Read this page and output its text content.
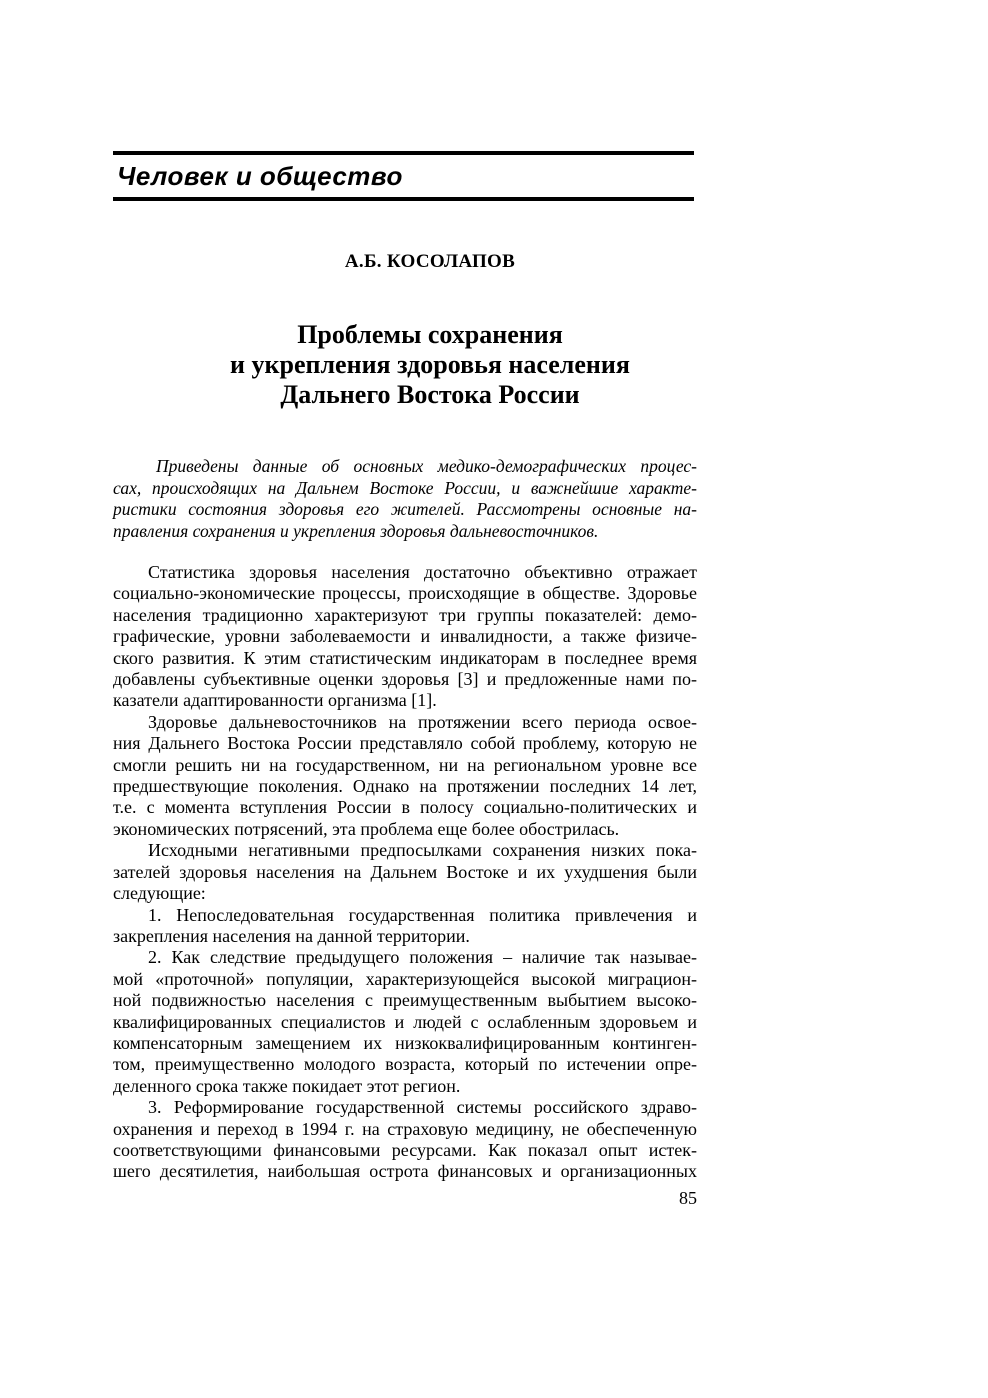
Человек и общество
А.Б. КОСОЛАПОВ
Проблемы сохранения
и укрепления здоровья населения
Дальнего Востока России
Приведены данные об основных медико-демографических процес-
сах, происходящих на Дальнем Востоке России, и важнейшие характе-
ристики состояния здоровья его жителей. Рассмотрены основные на-
правления сохранения и укрепления здоровья дальневосточников.
Статистика здоровья населения достаточно объективно отражает
социально-экономические процессы, происходящие в обществе. Здоровье
населения традиционно характеризуют три группы показателей: демо-
графические, уровни заболеваемости и инвалидности, а также физиче-
ского развития. К этим статистическим индикаторам в последнее время
добавлены субъективные оценки здоровья [3] и предложенные нами по-
казатели адаптированности организма [1].
Здоровье дальневосточников на протяжении всего периода освое-
ния Дальнего Востока России представляло собой проблему, которую не
смогли решить ни на государственном, ни на региональном уровне все
предшествующие поколения. Однако на протяжении последних 14 лет,
т.е. с момента вступления России в полосу социально-политических и
экономических потрясений, эта проблема еще более обострилась.
Исходными негативными предпосылками сохранения низких пока-
зателей здоровья населения на Дальнем Востоке и их ухудшения были
следующие:
1. Непоследовательная государственная политика привлечения и
закрепления населения на данной территории.
2. Как следствие предыдущего положения – наличие так называе-
мой «проточной» популяции, характеризующейся высокой миграцион-
ной подвижностью населения с преимущественным выбытием высоко-
квалифицированных специалистов и людей с ослабленным здоровьем и
компенсаторным замещением их низкоквалифицированным континген-
том, преимущественно молодого возраста, который по истечении опре-
деленного срока также покидает этот регион.
3. Реформирование государственной системы российского здраво-
охранения и переход в 1994 г. на страховую медицину, не обеспеченную
соответствующими финансовыми ресурсами. Как показал опыт истек-
шего десятилетия, наибольшая острота финансовых и организационных
85
